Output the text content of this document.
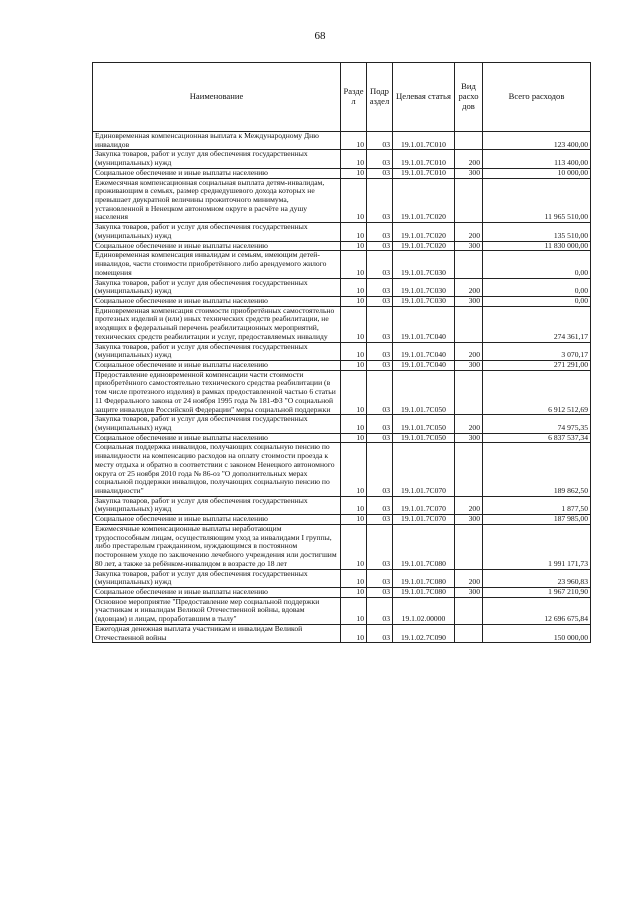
68
Наименование	Разде л	Подр аздел	Целевая статья	Вид расхо дов	Всего расходов
Единовременная компенсационная выплата к Международному Дню инвалидов	10	03	19.1.01.7С010		123 400,00
Закупка товаров, работ и услуг для обеспечения государственных (муниципальных) нужд	10	03	19.1.01.7С010	200	113 400,00
Социальное обеспечение и иные выплаты населению	10	03	19.1.01.7С010	300	10 000,00
Ежемесячная компенсационная социальная выплата детям-инвалидам, проживающим в семьях, размер среднедушевого дохода которых не превышает двукратной величины прожиточного минимума, установленной в Ненецком автономном округе в расчёте на душу населения	10	03	19.1.01.7С020		11 965 510,00
Закупка товаров, работ и услуг для обеспечения государственных (муниципальных) нужд	10	03	19.1.01.7С020	200	135 510,00
Социальное обеспечение и иные выплаты населению	10	03	19.1.01.7С020	300	11 830 000,00
Единовременная компенсация инвалидам и семьям, имеющим детей-инвалидов, части стоимости приобретённого либо арендуемого жилого помещения	10	03	19.1.01.7С030		0,00
Закупка товаров, работ и услуг для обеспечения государственных (муниципальных) нужд	10	03	19.1.01.7С030	200	0,00
Социальное обеспечение и иные выплаты населению	10	03	19.1.01.7С030	300	0,00
Единовременная компенсация стоимости приобретённых самостоятельно протезных изделий и (или) иных технических средств реабилитации, не входящих в федеральный перечень реабилитационных мероприятий, технических средств реабилитации и услуг, предоставляемых инвалиду	10	03	19.1.01.7С040		274 361,17
Закупка товаров, работ и услуг для обеспечения государственных (муниципальных) нужд	10	03	19.1.01.7С040	200	3 070,17
Социальное обеспечение и иные выплаты населению	10	03	19.1.01.7С040	300	271 291,00
Предоставление единовременной компенсации части стоимости приобретённого самостоятельно технического средства реабилитации (в том числе протезного изделия) в рамках предоставленной частью 6 статьи 11 Федерального закона от 24 ноября 1995 года № 181-ФЗ "О социальной защите инвалидов Российской Федерации" меры социальной поддержки	10	03	19.1.01.7С050		6 912 512,69
Закупка товаров, работ и услуг для обеспечения государственных (муниципальных) нужд	10	03	19.1.01.7С050	200	74 975,35
Социальное обеспечение и иные выплаты населению	10	03	19.1.01.7С050	300	6 837 537,34
Социальная поддержка инвалидов, получающих социальную пенсию по инвалидности на компенсацию расходов на оплату стоимости проезда к месту отдыха и обратно в соответствии с законом Ненецкого автономного округа от 25 ноября 2010 года № 86-оз "О дополнительных мерах социальной поддержки инвалидов, получающих социальную пенсию по инвалидности"	10	03	19.1.01.7С070		189 862,50
Закупка товаров, работ и услуг для обеспечения государственных (муниципальных) нужд	10	03	19.1.01.7С070	200	1 877,50
Социальное обеспечение и иные выплаты населению	10	03	19.1.01.7С070	300	187 985,00
Ежемесячные компенсационные выплаты неработающим трудоспособным лицам, осуществляющим уход за инвалидами I группы, либо престарелым гражданином, нуждающимся в постоянном постороннем уходе по заключению лечебного учреждения или достигшим 80 лет, а также за ребёнком-инвалидом в возрасте до 18 лет	10	03	19.1.01.7С080		1 991 171,73
Закупка товаров, работ и услуг для обеспечения государственных (муниципальных) нужд	10	03	19.1.01.7С080	200	23 960,83
Социальное обеспечение и иные выплаты населению	10	03	19.1.01.7С080	300	1 967 210,90
Основное мероприятие "Предоставление мер социальной поддержки участникам и инвалидам Великой Отечественной войны, вдовам (вдовцам) и лицам, проработавшим в тылу"	10	03	19.1.02.00000		12 696 675,84
Ежегодная денежная выплата участникам и инвалидам Великой Отечественной войны	10	03	19.1.02.7С090		150 000,00
